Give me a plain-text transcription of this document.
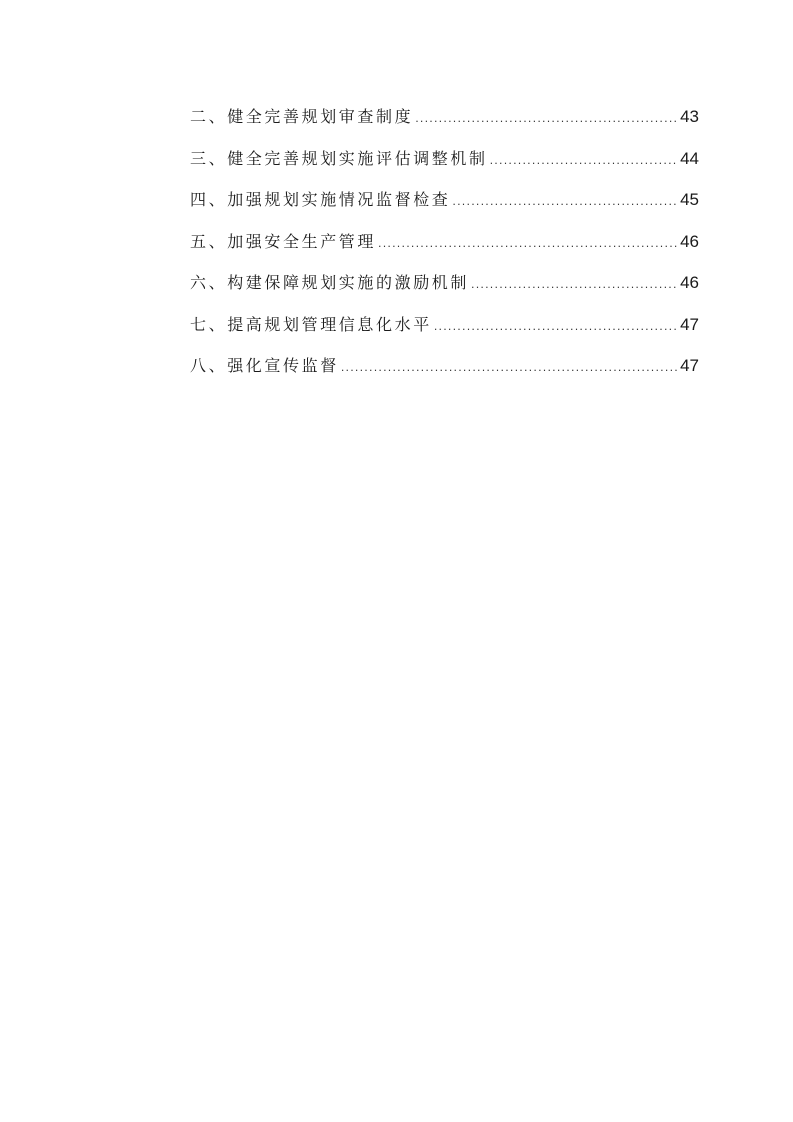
二、健全完善规划审查制度 .....	43
三、健全完善规划实施评估调整机制 .....	44
四、加强规划实施情况监督检查 .....	45
五、加强安全生产管理 .....	46
六、构建保障规划实施的激励机制 .....	46
七、提高规划管理信息化水平 .....	47
八、强化宣传监督 .....	47
